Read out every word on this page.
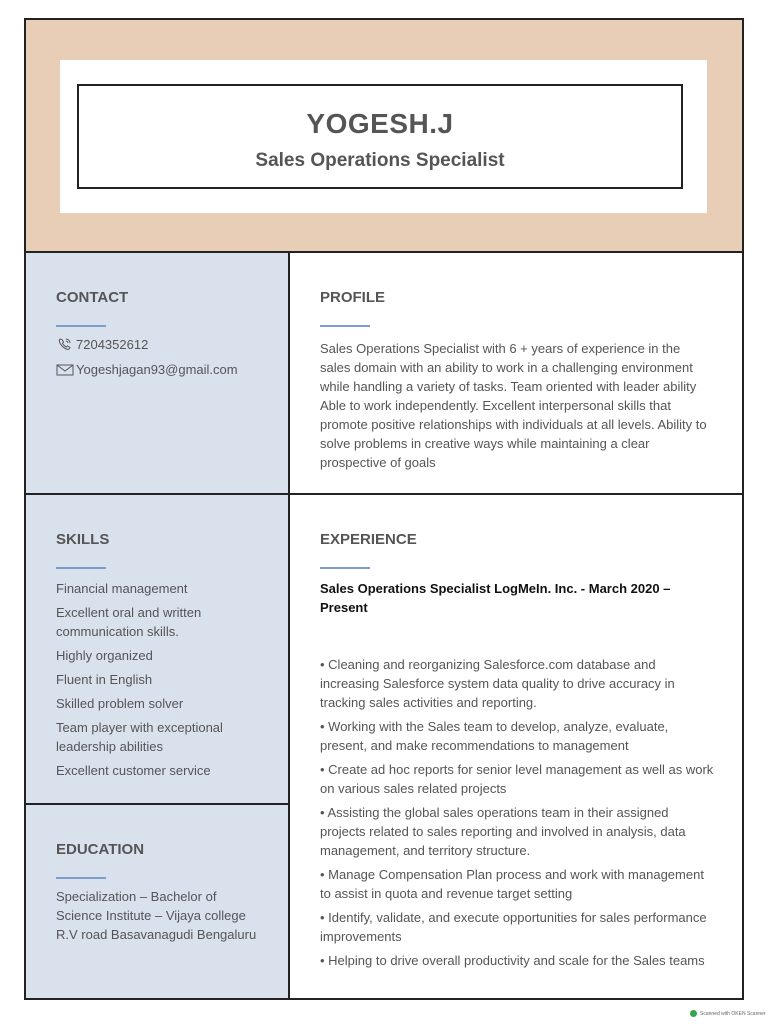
YOGESH.J
Sales Operations Specialist
CONTACT
7204352612
Yogeshjagan93@gmail.com
PROFILE
Sales Operations Specialist with 6 + years of experience in the sales domain with an ability to work in a challenging environment while handling a variety of tasks. Team oriented with leader ability Able to work independently. Excellent interpersonal skills that promote positive relationships with individuals at all levels. Ability to solve problems in creative ways while maintaining a clear prospective of goals
SKILLS
Financial management
Excellent oral and written communication skills.
Highly organized
Fluent in English
Skilled problem solver
Team player with exceptional leadership abilities
Excellent customer service
EDUCATION
Specialization – Bachelor of Science Institute – Vijaya college R.V road Basavanagudi Bengaluru
EXPERIENCE
Sales Operations Specialist LogMeIn. Inc. - March 2020 – Present
• Cleaning and reorganizing Salesforce.com database and increasing Salesforce system data quality to drive accuracy in tracking sales activities and reporting.
• Working with the Sales team to develop, analyze, evaluate, present, and make recommendations to management
• Create ad hoc reports for senior level management as well as work on various sales related projects
• Assisting the global sales operations team in their assigned projects related to sales reporting and involved in analysis, data management, and territory structure.
• Manage Compensation Plan process and work with management to assist in quota and revenue target setting
• Identify, validate, and execute opportunities for sales performance improvements
• Helping to drive overall productivity and scale for the Sales teams
Scanned with OKEN Scanner
